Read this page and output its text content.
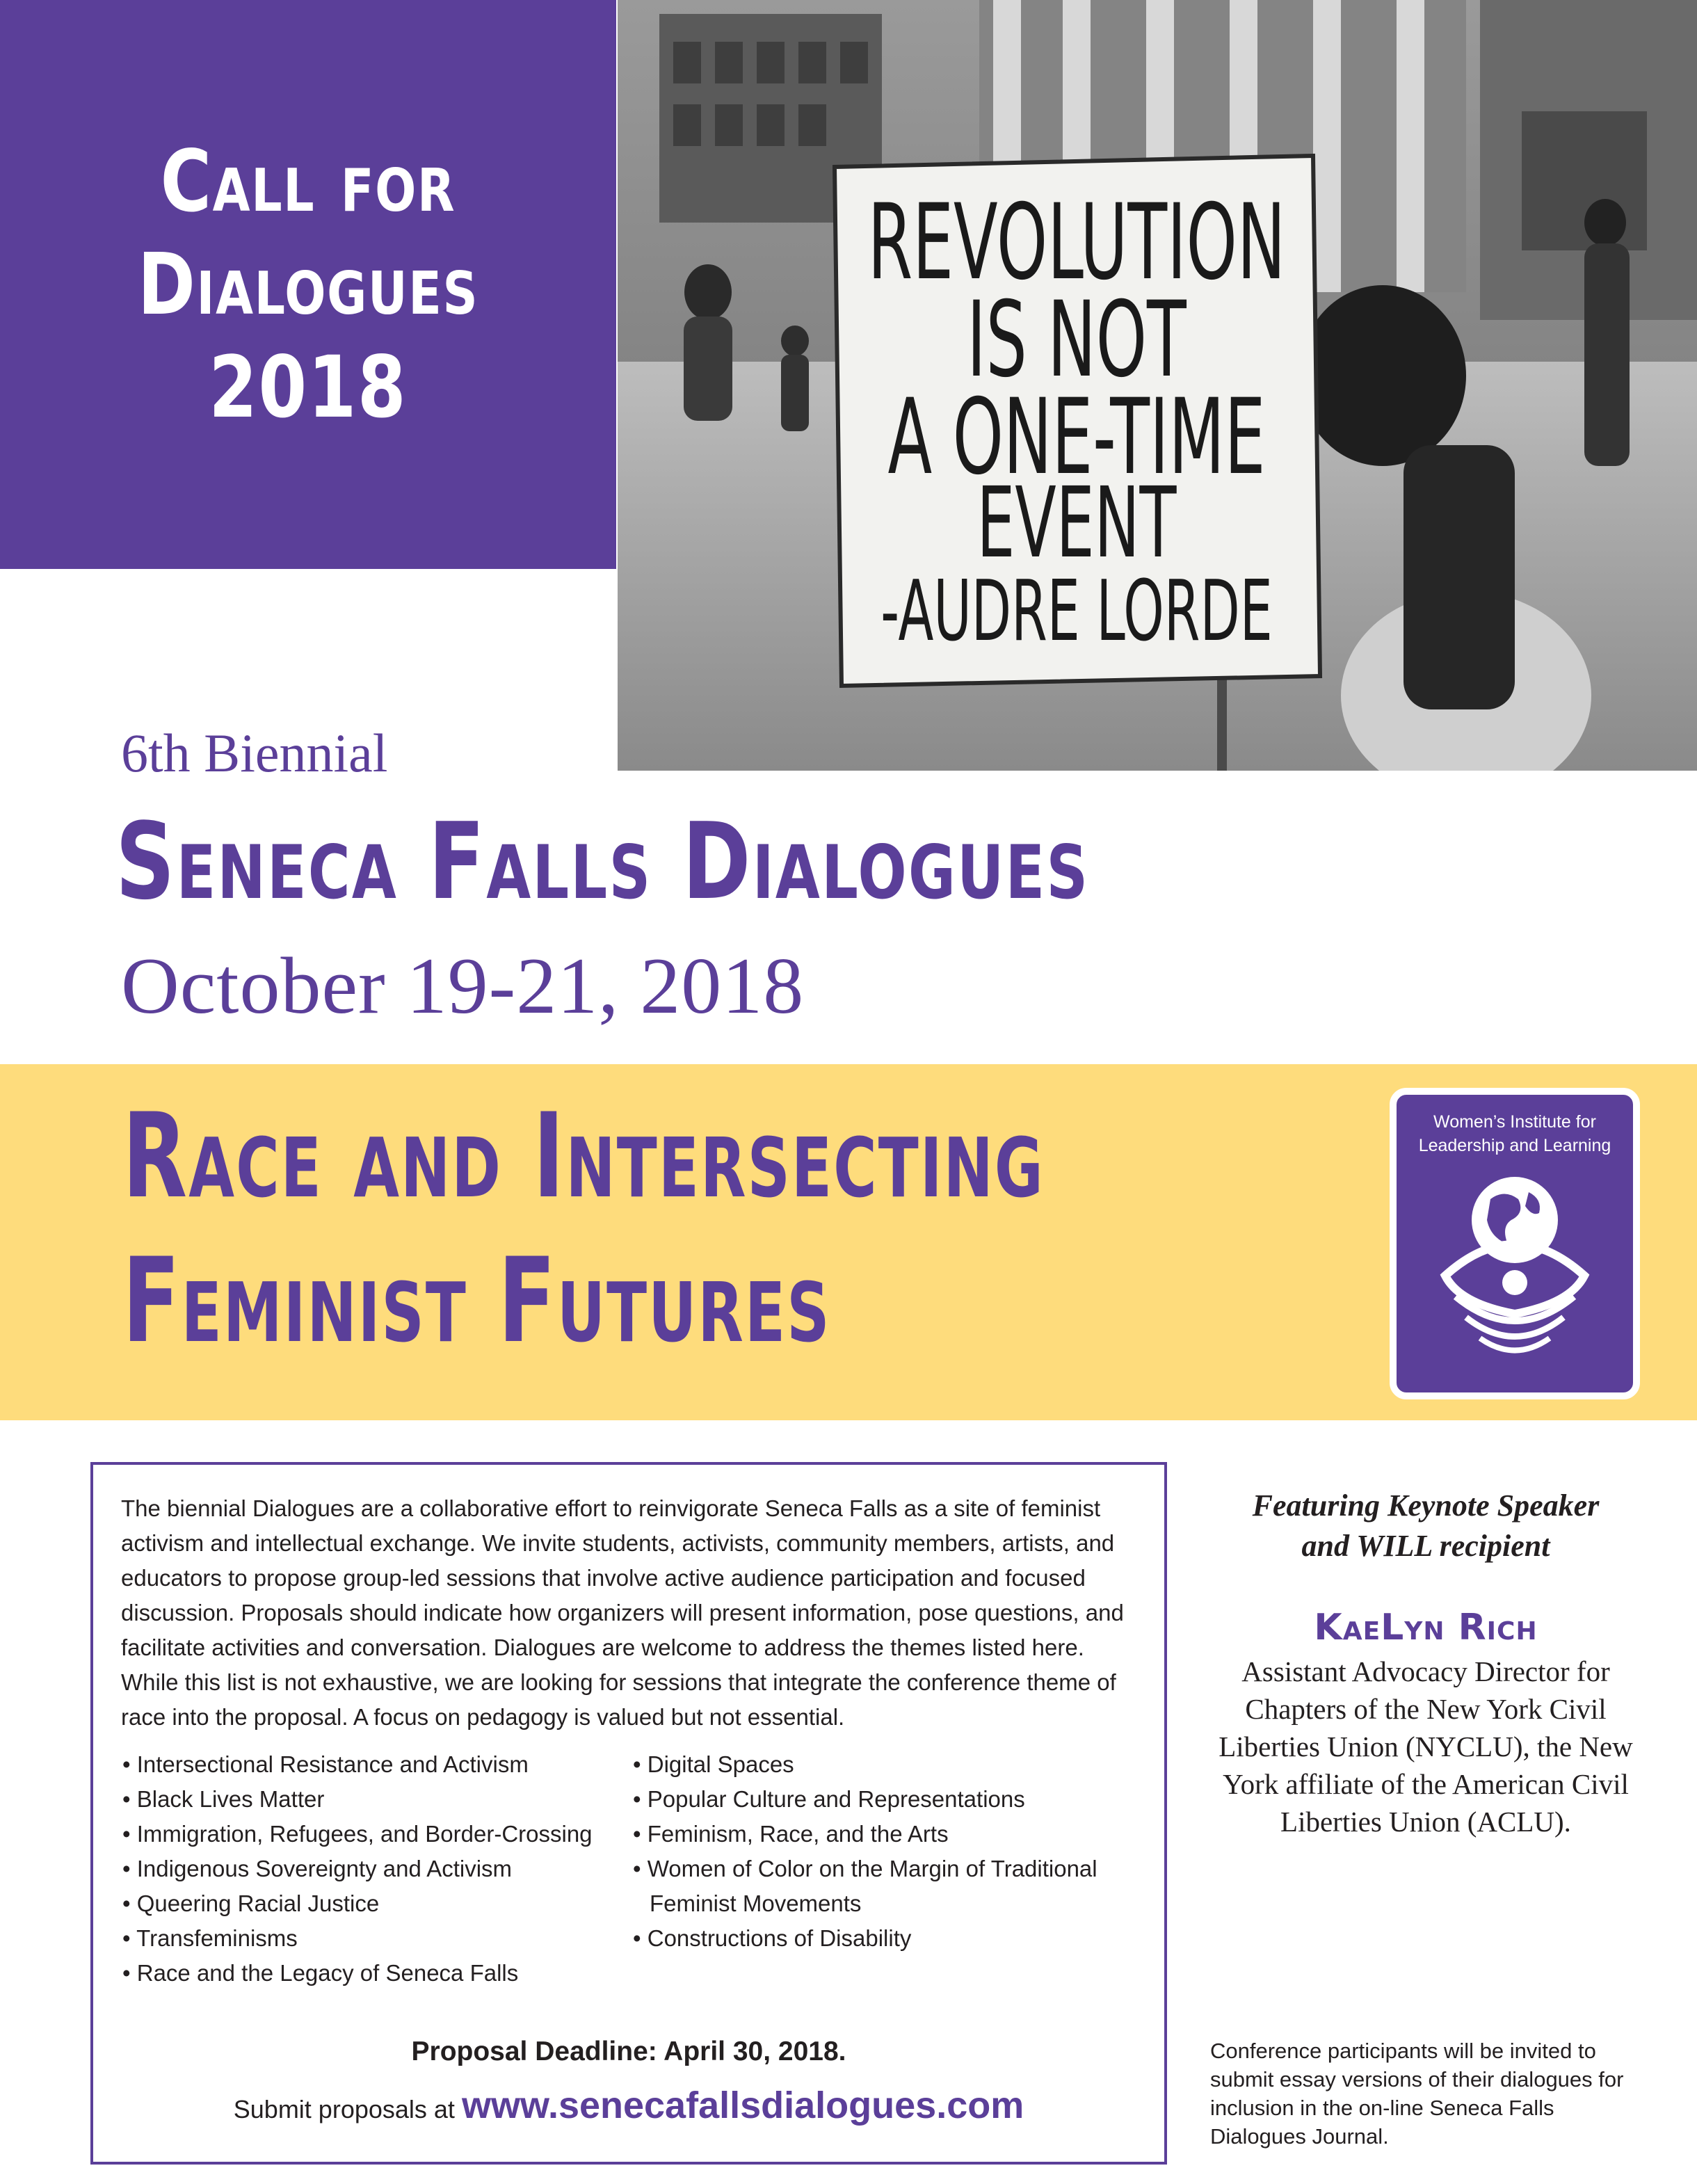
Call for
Dialogues
2018
REVOLUTION
IS NOT
A ONE-TIME
EVENT
-AUDRE LORDE
6th Biennial
Seneca Falls Dialogues
October 19-21, 2018
Race and Intersecting
Feminist Futures
Women’s Institute for
Leadership and Learning
The biennial Dialogues are a collaborative effort to reinvigorate Seneca Falls as a site of feminist activism and intellectual exchange. We invite students, activists, community members, artists, and educators to propose group-led sessions that involve active audience participation and focused discussion. Proposals should indicate how organizers will present information, pose questions, and facilitate activities and conversation. Dialogues are welcome to address the themes listed here. While this list is not exhaustive, we are looking for sessions that integrate the conference theme of race into the proposal. A focus on pedagogy is valued but not essential.
• Intersectional Resistance and Activism
• Black Lives Matter
• Immigration, Refugees, and Border-Crossing
• Indigenous Sovereignty and Activism
• Queering Racial Justice
• Transfeminisms
• Race and the Legacy of Seneca Falls
• Digital Spaces
• Popular Culture and Representations
• Feminism, Race, and the Arts
• Women of Color on the Margin of Traditional
Feminist Movements
• Constructions of Disability
Proposal Deadline: April 30, 2018.
Submit proposals at www.senecafallsdialogues.com
Featuring Keynote Speaker
and WILL recipient
KaeLyn Rich
Assistant Advocacy Director for Chapters of the New York Civil Liberties Union (NYCLU), the New York affiliate of the American Civil Liberties Union (ACLU).
Conference participants will be invited to submit essay versions of their dialogues for inclusion in the on-line Seneca Falls Dialogues Journal.
